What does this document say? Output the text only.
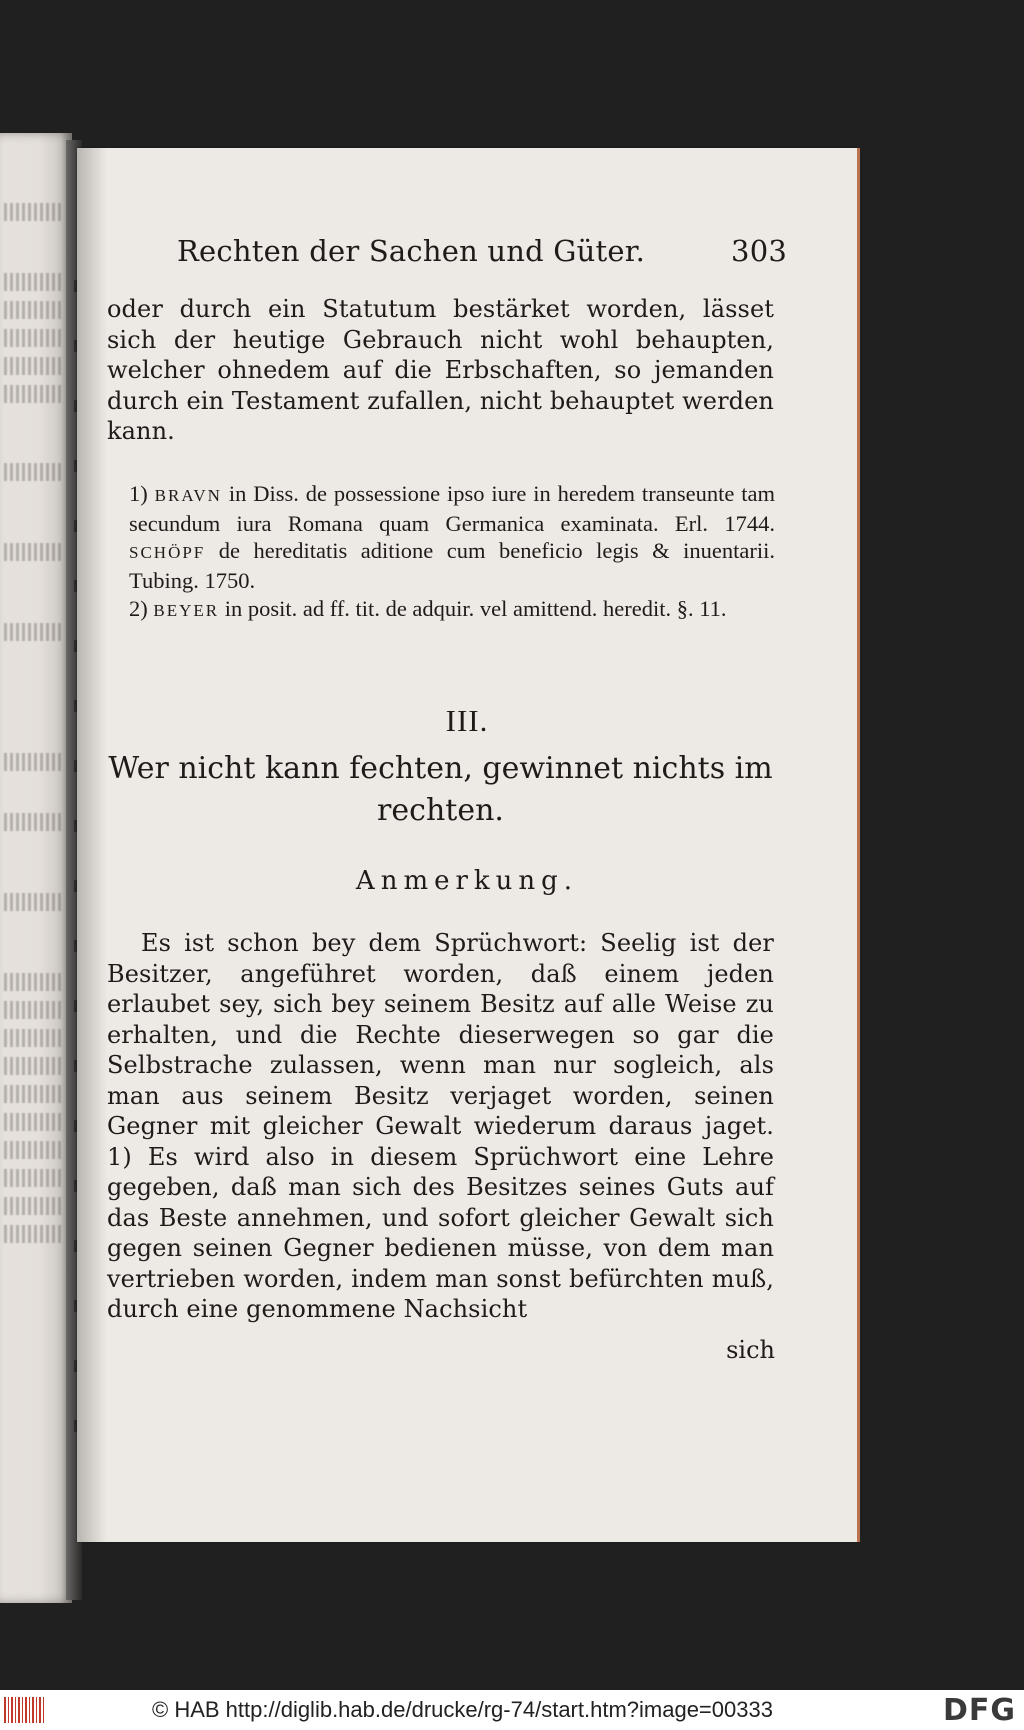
Rechten der Sachen und Güter.	303
oder durch ein Statutum bestärket worden, lässet sich der heutige Gebrauch nicht wohl behaupten, welcher ohnedem auf die Erbschaften, so jemanden durch ein Testament zufallen, nicht behauptet werden kann.
1) BRAVN in Diss. de possessione ipso iure in heredem transeunte tam secundum iura Romana quam Germanica examinata. Erl. 1744. SCHÖPF de hereditatis aditione cum beneficio legis & inuentarii. Tubing. 1750.
2) BEYER in posit. ad ff. tit. de adquir. vel amittend. heredit. §. 11.
III.
Wer nicht kann fechten, gewinnet nichts im rechten.
Anmerkung.
Es ist schon bey dem Sprüchwort: Seelig ist der Besitzer, angeführet worden, daß einem jeden erlaubet sey, sich bey seinem Besitz auf alle Weise zu erhalten, und die Rechte dieserwegen so gar die Selbstrache zulassen, wenn man nur sogleich, als man aus seinem Besitz verjaget worden, seinen Gegner mit gleicher Gewalt wiederum daraus jaget. 1) Es wird also in diesem Sprüchwort eine Lehre gegeben, daß man sich des Besitzes seines Guts auf das Beste annehmen, und sofort gleicher Gewalt sich gegen seinen Gegner bedienen müsse, von dem man vertrieben worden, indem man sonst befürchten muß, durch eine genommene Nachsicht
sich
© HAB http://diglib.hab.de/drucke/rg-74/start.htm?image=00333	DFG
